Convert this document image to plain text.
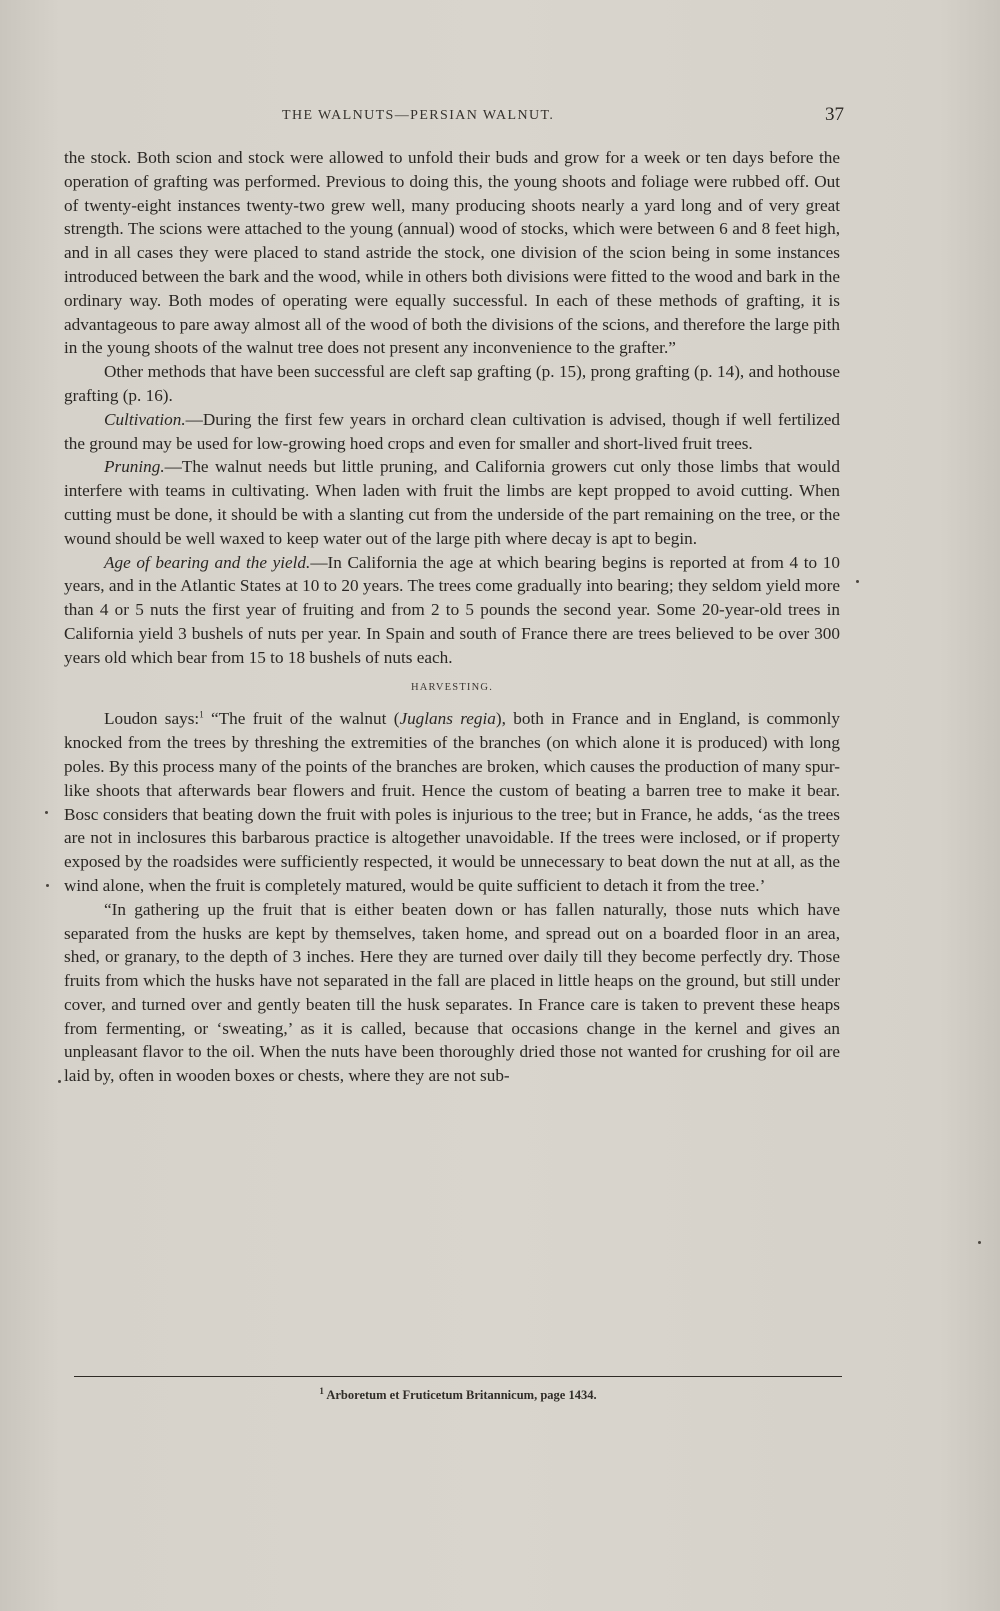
THE WALNUTS—PERSIAN WALNUT.	37

the stock. Both scion and stock were allowed to unfold their buds and grow for a week or ten days before the operation of grafting was performed. Previous to doing this, the young shoots and foliage were rubbed off. Out of twenty-eight instances twenty-two grew well, many producing shoots nearly a yard long and of very great strength. The scions were attached to the young (annual) wood of stocks, which were between 6 and 8 feet high, and in all cases they were placed to stand astride the stock, one division of the scion being in some instances introduced between the bark and the wood, while in others both divisions were fitted to the wood and bark in the ordinary way. Both modes of operating were equally successful. In each of these methods of grafting, it is advantageous to pare away almost all of the wood of both the divisions of the scions, and therefore the large pith in the young shoots of the walnut tree does not present any inconvenience to the grafter.”

Other methods that have been successful are cleft sap grafting (p. 15), prong grafting (p. 14), and hothouse grafting (p. 16).

Cultivation.—During the first few years in orchard clean cultivation is advised, though if well fertilized the ground may be used for low-growing hoed crops and even for smaller and short-lived fruit trees.

Pruning.—The walnut needs but little pruning, and California growers cut only those limbs that would interfere with teams in cultivating. When laden with fruit the limbs are kept propped to avoid cutting. When cutting must be done, it should be with a slanting cut from the underside of the part remaining on the tree, or the wound should be well waxed to keep water out of the large pith where decay is apt to begin.

Age of bearing and the yield.—In California the age at which bearing begins is reported at from 4 to 10 years, and in the Atlantic States at 10 to 20 years. The trees come gradually into bearing; they seldom yield more than 4 or 5 nuts the first year of fruiting and from 2 to 5 pounds the second year. Some 20-year-old trees in California yield 3 bushels of nuts per year. In Spain and south of France there are trees believed to be over 300 years old which bear from 15 to 18 bushels of nuts each.

HARVESTING.

Loudon says:$^1$ “The fruit of the walnut (Juglans regia), both in France and in England, is commonly knocked from the trees by threshing the extremities of the branches (on which alone it is produced) with long poles. By this process many of the points of the branches are broken, which causes the production of many spur-like shoots that afterwards bear flowers and fruit. Hence the custom of beating a barren tree to make it bear. Bosc considers that beating down the fruit with poles is injurious to the tree; but in France, he adds, ‘as the trees are not in inclosures this barbarous practice is altogether unavoidable. If the trees were inclosed, or if property exposed by the roadsides were sufficiently respected, it would be unnecessary to beat down the nut at all, as the wind alone, when the fruit is completely matured, would be quite sufficient to detach it from the tree.’

“In gathering up the fruit that is either beaten down or has fallen naturally, those nuts which have separated from the husks are kept by themselves, taken home, and spread out on a boarded floor in an area, shed, or granary, to the depth of 3 inches. Here they are turned over daily till they become perfectly dry. Those fruits from which the husks have not separated in the fall are placed in little heaps on the ground, but still under cover, and turned over and gently beaten till the husk separates. In France care is taken to prevent these heaps from fermenting, or ‘sweating,’ as it is called, because that occasions change in the kernel and gives an unpleasant flavor to the oil. When the nuts have been thoroughly dried those not wanted for crushing for oil are laid by, often in wooden boxes or chests, where they are not sub-

$^1$ Arboretum et Fruticetum Britannicum, page 1434.
